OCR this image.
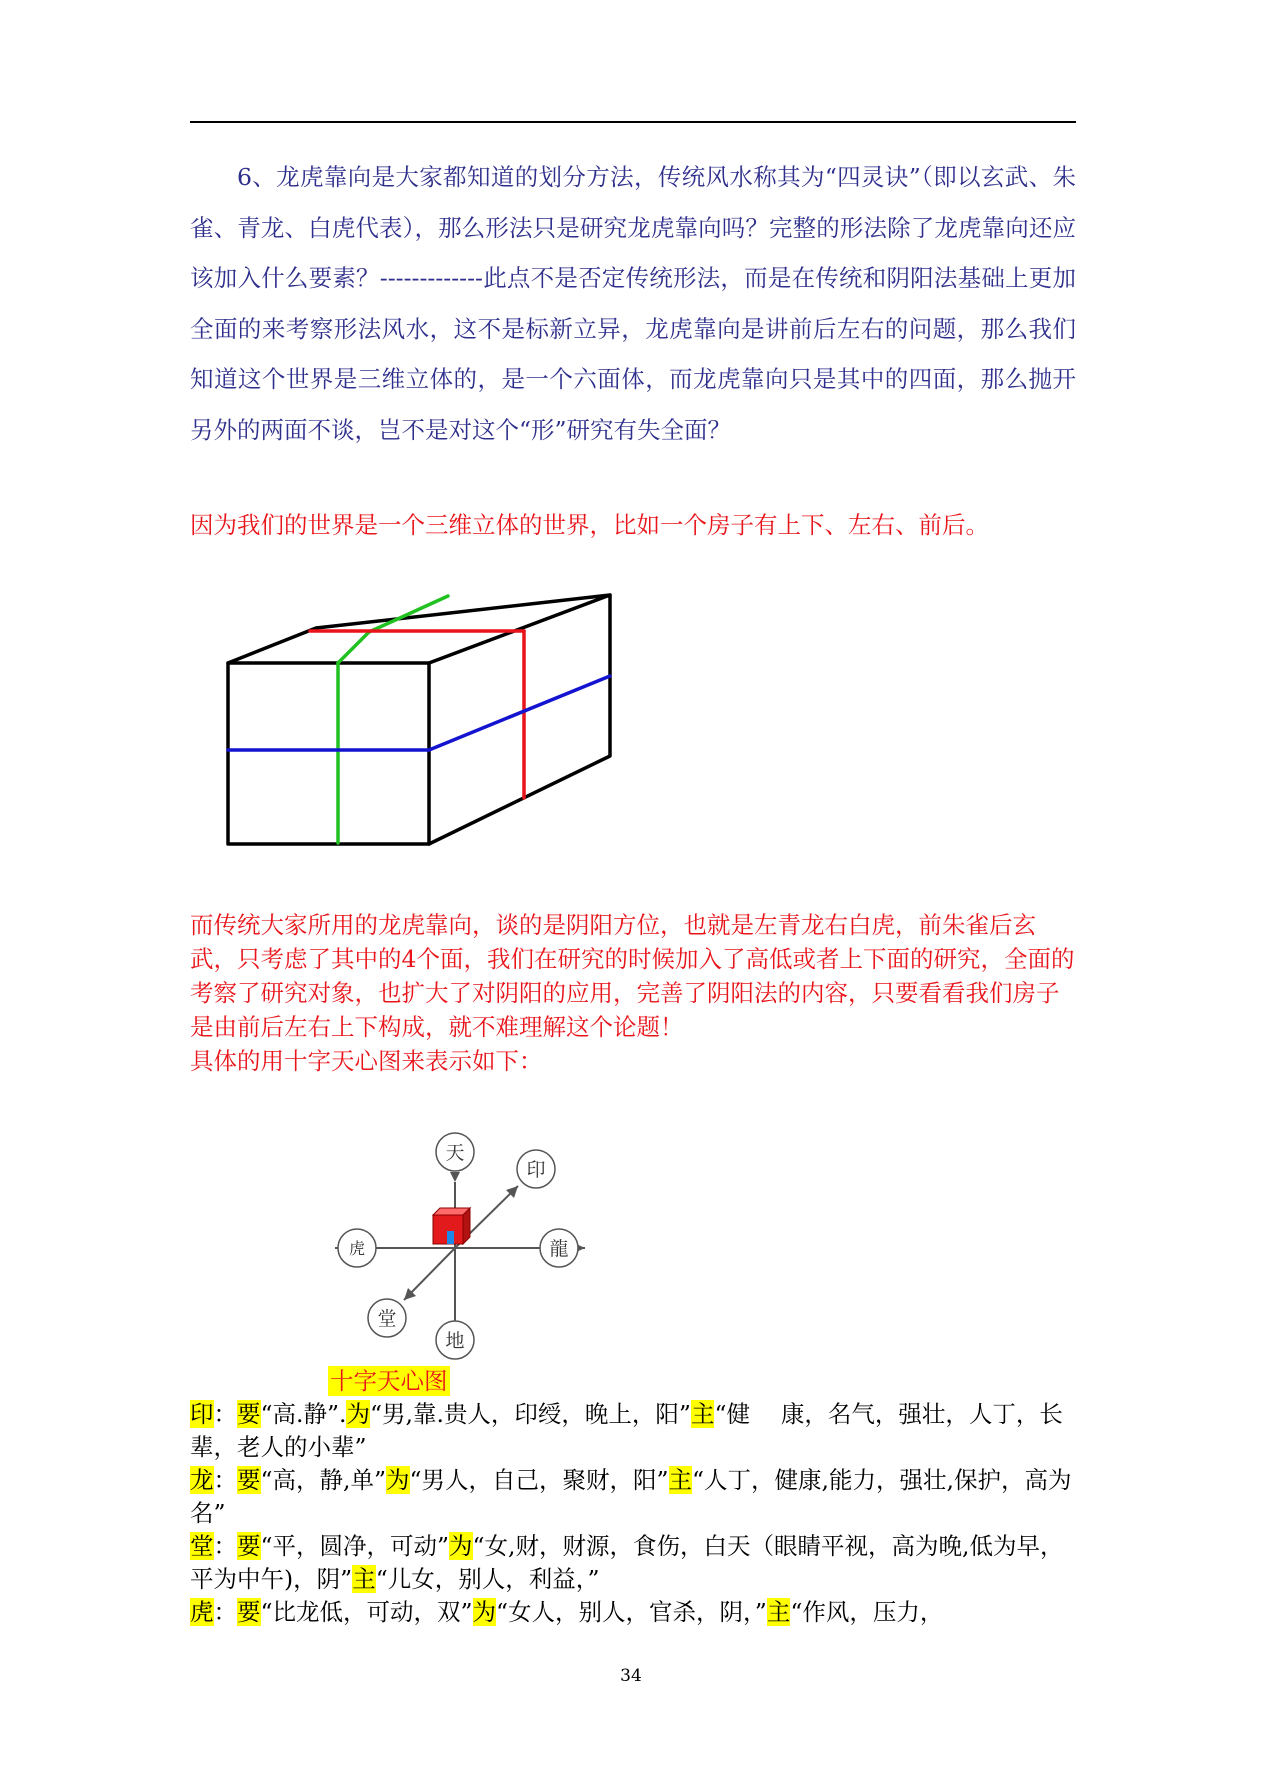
6、龙虎靠向是大家都知道的划分方法，传统风水称其为“四灵诀”（即以玄武、朱雀、青龙、白虎代表），那么形法只是研究龙虎靠向吗？完整的形法除了龙虎靠向还应该加入什么要素？-------------此点不是否定传统形法，而是在传统和阴阳法基础上更加全面的来考察形法风水，这不是标新立异，龙虎靠向是讲前后左右的问题，那么我们知道这个世界是三维立体的，是一个六面体，而龙虎靠向只是其中的四面，那么抛开另外的两面不谈，岂不是对这个“形”研究有失全面？

因为我们的世界是一个三维立体的世界，比如一个房子有上下、左右、前后。

而传统大家所用的龙虎靠向，谈的是阴阳方位，也就是左青龙右白虎，前朱雀后玄武，只考虑了其中的4个面，我们在研究的时候加入了高低或者上下面的研究，全面的考察了研究对象，也扩大了对阴阳的应用，完善了阴阳法的内容，只要看看我们房子是由前后左右上下构成，就不难理解这个论题！

具体的用十字天心图来表示如下：

天
印
龍
虎
堂
地
十字天心图

印：要“高.静”.为“男,靠.贵人，印绶，晚上，阳”主“健　 康，名气，强壮，人丁，长辈，老人的小辈”

龙：要“高，静,单”为“男人，自己，聚财，阳”主“人丁，健康,能力，强壮,保护，高为名”

堂：要“平，圆净，可动”为“女,财，财源，食伤，白天（眼睛平视，高为晚,低为早，平为中午)，阴”主“儿女，别人，利益，”

虎：要“比龙低，可动，双”为“女人，别人，官杀，阴，”主“作风，压力，

34
